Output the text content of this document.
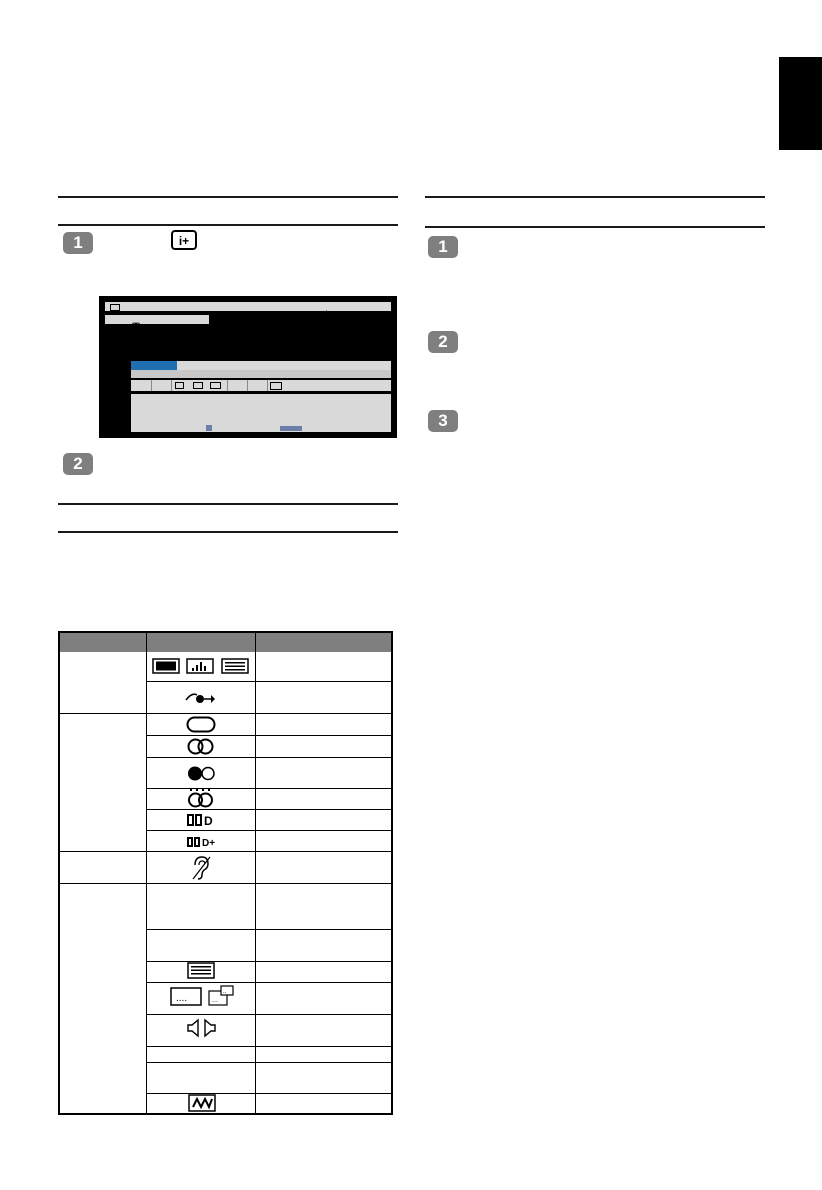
1	i+
2
D
D+
....	...
..
1
2
3
